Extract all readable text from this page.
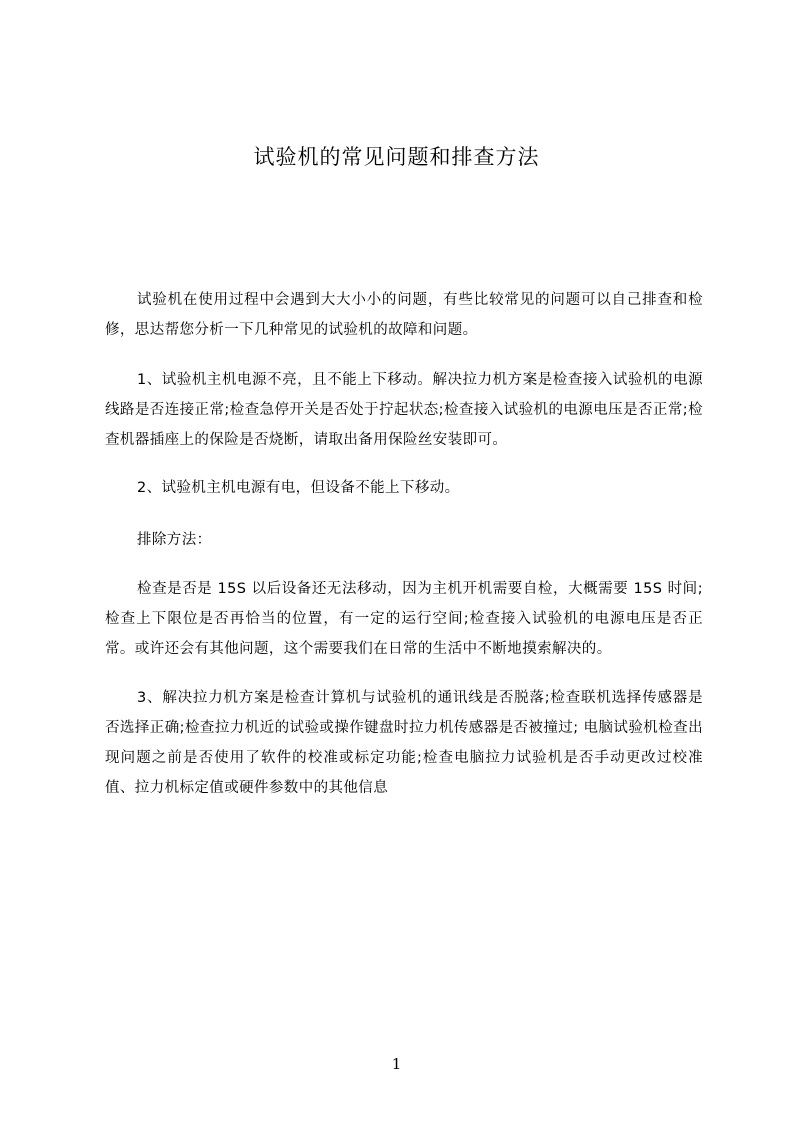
试验机的常见问题和排查方法

试验机在使用过程中会遇到大大小小的问题，有些比较常见的问题可以自己排查和检修，思达帮您分析一下几种常见的试验机的故障和问题。

1、试验机主机电源不亮，且不能上下移动。解决拉力机方案是检查接入试验机的电源线路是否连接正常;检查急停开关是否处于拧起状态;检查接入试验机的电源电压是否正常;检查机器插座上的保险是否烧断，请取出备用保险丝安装即可。

2、试验机主机电源有电，但设备不能上下移动。

排除方法：

检查是否是 15S 以后设备还无法移动，因为主机开机需要自检，大概需要 15S 时间;检查上下限位是否再恰当的位置，有一定的运行空间;检查接入试验机的电源电压是否正常。或许还会有其他问题，这个需要我们在日常的生活中不断地摸索解决的。

3、解决拉力机方案是检查计算机与试验机的通讯线是否脱落;检查联机选择传感器是否选择正确;检查拉力机近的试验或操作键盘时拉力机传感器是否被撞过; 电脑试验机检查出现问题之前是否使用了软件的校准或标定功能;检查电脑拉力试验机是否手动更改过校准值、拉力机标定值或硬件参数中的其他信息

1
